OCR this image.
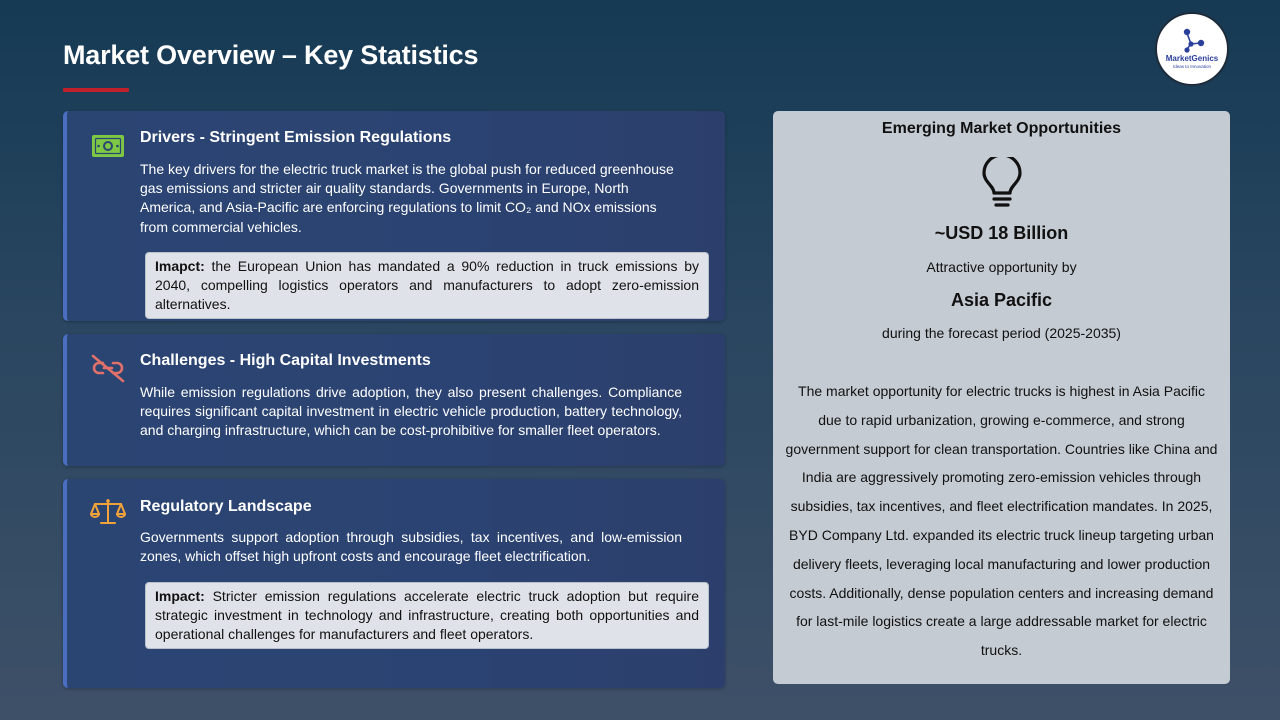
Market Overview – Key Statistics	MarketGenics
Ideas to Innovation
Drivers - Stringent Emission Regulations
The key drivers for the electric truck market is the global push for reduced greenhouse gas emissions and stricter air quality standards. Governments in Europe, North America, and Asia-Pacific are enforcing regulations to limit CO₂ and NOx emissions from commercial vehicles.
Imapct: the European Union has mandated a 90% reduction in truck emissions by 2040, compelling logistics operators and manufacturers to adopt zero-emission alternatives.
Challenges - High Capital Investments
While emission regulations drive adoption, they also present challenges. Compliance requires significant capital investment in electric vehicle production, battery technology, and charging infrastructure, which can be cost-prohibitive for smaller fleet operators.
Regulatory Landscape
Governments support adoption through subsidies, tax incentives, and low-emission zones, which offset high upfront costs and encourage fleet electrification.
Impact: Stricter emission regulations accelerate electric truck adoption but require strategic investment in technology and infrastructure, creating both opportunities and operational challenges for manufacturers and fleet operators.
Emerging Market Opportunities
~USD 18 Billion
Attractive opportunity by
Asia Pacific
during the forecast period (2025-2035)
The market opportunity for electric trucks is highest in Asia Pacific due to rapid urbanization, growing e-commerce, and strong government support for clean transportation. Countries like China and India are aggressively promoting zero-emission vehicles through subsidies, tax incentives, and fleet electrification mandates. In 2025, BYD Company Ltd. expanded its electric truck lineup targeting urban delivery fleets, leveraging local manufacturing and lower production costs. Additionally, dense population centers and increasing demand for last-mile logistics create a large addressable market for electric trucks.
